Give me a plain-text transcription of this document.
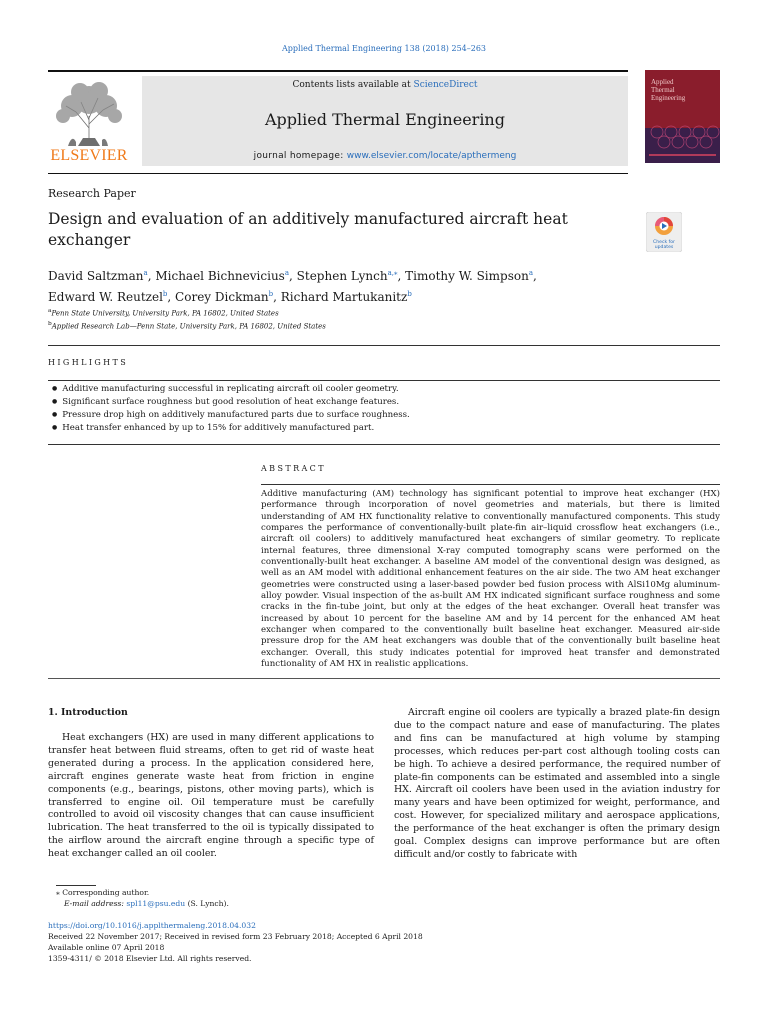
Applied Thermal Engineering 138 (2018) 254–263
ELSEVIER
Contents lists available at ScienceDirect
Applied Thermal Engineering
journal homepage: www.elsevier.com/locate/apthermeng
Applied
Thermal
Engineering
Research Paper
Design and evaluation of an additively manufactured aircraft heat exchanger	Check for
updates
David Saltzman$^a$, Michael Bichnevicius$^a$, Stephen Lynch$^{a,⁎}$, Timothy W. Simpson$^a$,
Edward W. Reutzel$^b$, Corey Dickman$^b$, Richard Martukanitz$^b$
$^a$Penn State University, University Park, PA 16802, United States
$^b$Applied Research Lab—Penn State, University Park, PA 16802, United States
HIGHLIGHTS
● Additive manufacturing successful in replicating aircraft oil cooler geometry.
● Significant surface roughness but good resolution of heat exchange features.
● Pressure drop high on additively manufactured parts due to surface roughness.
● Heat transfer enhanced by up to 15% for additively manufactured part.
ABSTRACT

Additive manufacturing (AM) technology has significant potential to improve heat exchanger (HX) performance through incorporation of novel geometries and materials, but there is limited understanding of AM HX functionality relative to conventionally manufactured components. This study compares the performance of conventionally-built plate-fin air–liquid crossflow heat exchangers (i.e., aircraft oil coolers) to additively manufactured heat exchangers of similar geometry. To replicate internal features, three dimensional X-ray computed tomography scans were performed on the conventionally-built heat exchanger. A baseline AM model of the conventional design was designed, as well as an AM model with additional enhancement features on the air side. The two AM heat exchanger geometries were constructed using a laser-based powder bed fusion process with AlSi10Mg aluminum-alloy powder. Visual inspection of the as-built AM HX indicated significant surface roughness and some cracks in the fin-tube joint, but only at the edges of the heat exchanger. Overall heat transfer was increased by about 10 percent for the baseline AM and by 14 percent for the enhanced AM heat exchanger when compared to the conventionally built baseline heat exchanger. Measured air-side pressure drop for the AM heat exchangers was double that of the conventionally built baseline heat exchanger. Overall, this study indicates potential for improved heat transfer and demonstrated functionality of AM HX in realistic applications.

1. Introduction

Heat exchangers (HX) are used in many different applications to transfer heat between fluid streams, often to get rid of waste heat generated during a process. In the application considered here, aircraft engines generate waste heat from friction in engine components (e.g., bearings, pistons, other moving parts), which is transferred to engine oil. Oil temperature must be carefully controlled to avoid oil viscosity changes that can cause insufficient lubrication. The heat transferred to the oil is typically dissipated to the airflow around the aircraft engine through a specific type of heat exchanger called an oil cooler.

Aircraft engine oil coolers are typically a brazed plate-fin design due to the compact nature and ease of manufacturing. The plates and fins can be manufactured at high volume by stamping processes, which reduces per-part cost although tooling costs can be high. To achieve a desired performance, the required number of plate-fin components can be estimated and assembled into a single HX. Aircraft oil coolers have been used in the aviation industry for many years and have been optimized for weight, performance, and cost. However, for specialized military and aerospace applications, the performance of the heat exchanger is often the primary design goal. Complex designs can improve performance but are often difficult and/or costly to fabricate with

⁎ Corresponding author.
E-mail address: spl11@psu.edu (S. Lynch).
https://doi.org/10.1016/j.applthermaleng.2018.04.032
Received 22 November 2017; Received in revised form 23 February 2018; Accepted 6 April 2018
Available online 07 April 2018
1359-4311/ © 2018 Elsevier Ltd. All rights reserved.
